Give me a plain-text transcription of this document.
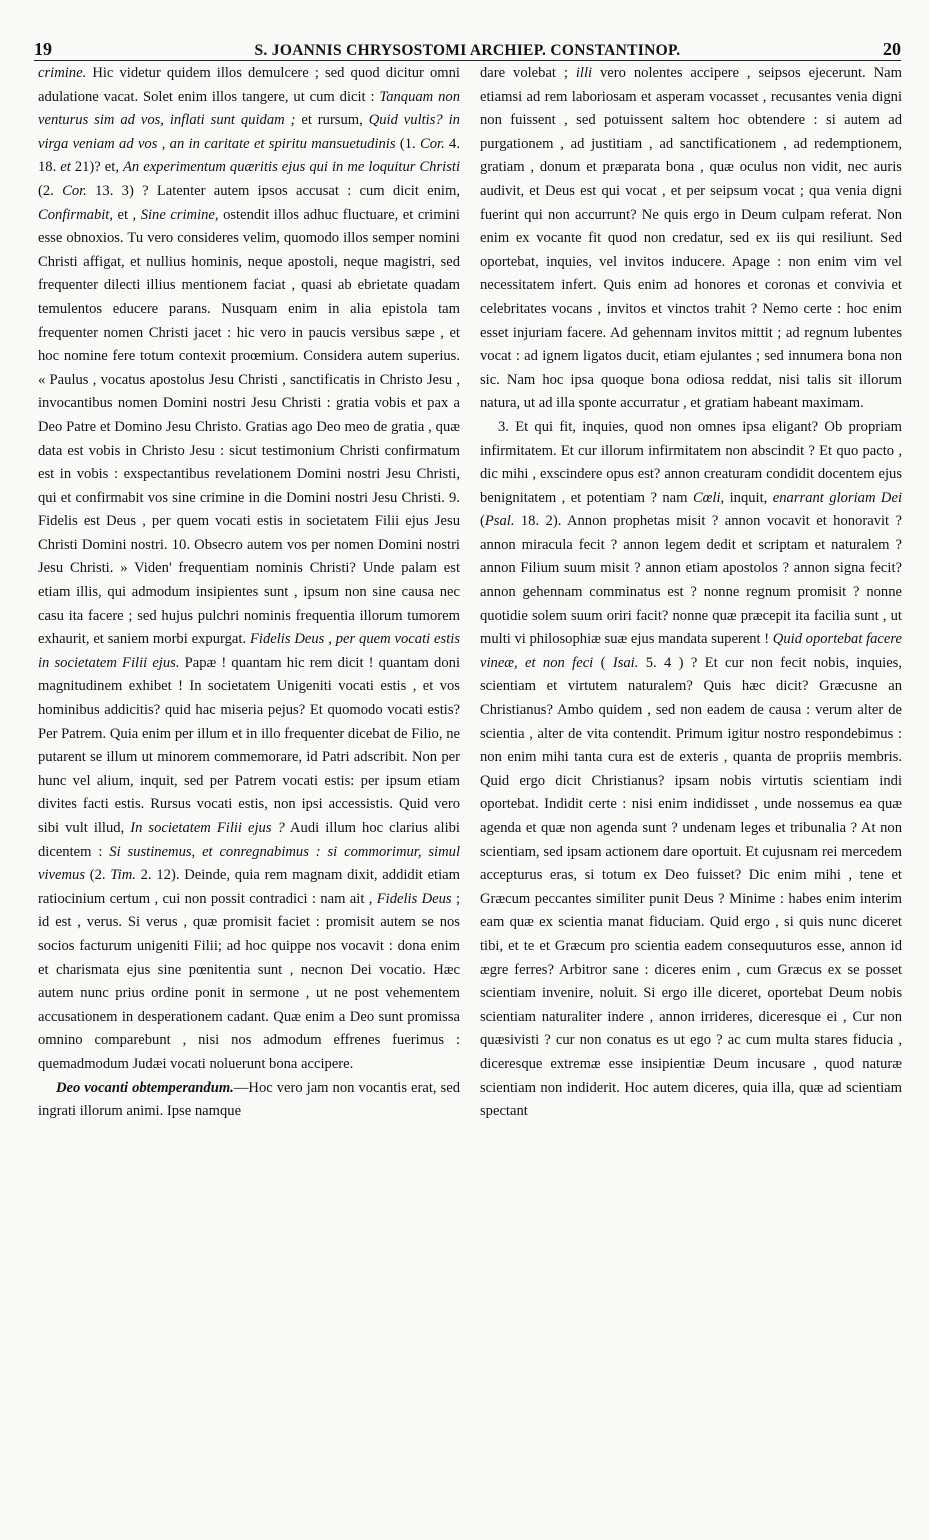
19	S. JOANNIS CHRYSOSTOMI ARCHIEP. CONSTANTINOP.	20

crimine. Hic videtur quidem illos demulcere ; sed quod dicitur omni adulatione vacat. Solet enim illos tangere, ut cum dicit : Tanquam non venturus sim ad vos, inflati sunt quidam ; et rursum, Quid vultis? in virga veniam ad vos , an in caritate et spiritu mansuetudinis (1. Cor. 4. 18. et 21)? et, An experimentum quæritis ejus qui in me loquitur Christi (2. Cor. 13. 3) ? Latenter autem ipsos accusat : cum dicit enim, Confirmabit, et , Sine crimine, ostendit illos adhuc fluctuare, et crimini esse obnoxios. Tu vero consideres velim, quomodo illos semper nomini Christi affigat, et nullius hominis, neque apostoli, neque magistri, sed frequenter dilecti illius mentionem faciat , quasi ab ebrietate quadam temulentos educere parans. Nusquam enim in alia epistola tam frequenter nomen Christi jacet : hic vero in paucis versibus sæpe , et hoc nomine fere totum contexit proœmium. Considera autem superius. « Paulus , vocatus apostolus Jesu Christi , sanctificatis in Christo Jesu , invocantibus nomen Domini nostri Jesu Christi : gratia vobis et pax a Deo Patre et Domino Jesu Christo. Gratias ago Deo meo de gratia , quæ data est vobis in Christo Jesu : sicut testimonium Christi confirmatum est in vobis : exspectantibus revelationem Domini nostri Jesu Christi, qui et confirmabit vos sine crimine in die Domini nostri Jesu Christi. 9. Fidelis est Deus , per quem vocati estis in societatem Filii ejus Jesu Christi Domini nostri. 10. Obsecro autem vos per nomen Domini nostri Jesu Christi. » Viden' frequentiam nominis Christi? Unde palam est etiam illis, qui admodum insipientes sunt , ipsum non sine causa nec casu ita facere ; sed hujus pulchri nominis frequentia illorum tumorem exhaurit, et saniem morbi expurgat. Fidelis Deus , per quem vocati estis in societatem Filii ejus. Papæ ! quantam hic rem dicit ! quantam doni magnitudinem exhibet ! In societatem Unigeniti vocati estis , et vos hominibus addicitis? quid hac miseria pejus? Et quomodo vocati estis? Per Patrem. Quia enim per illum et in illo frequenter dicebat de Filio, ne putarent se illum ut minorem commemorare, id Patri adscribit. Non per hunc vel alium, inquit, sed per Patrem vocati estis: per ipsum etiam divites facti estis. Rursus vocati estis, non ipsi accessistis. Quid vero sibi vult illud, In societatem Filii ejus ? Audi illum hoc clarius alibi dicentem : Si sustinemus, et conregnabimus : si commorimur, simul vivemus (2. Tim. 2. 12). Deinde, quia rem magnam dixit, addidit etiam ratiocinium certum , cui non possit contradici : nam ait , Fidelis Deus ; id est , verus. Si verus , quæ promisit faciet : promisit autem se nos socios facturum unigeniti Filii; ad hoc quippe nos vocavit : dona enim et charismata ejus sine pœnitentia sunt , necnon Dei vocatio. Hæc autem nunc prius ordine ponit in sermone , ut ne post vehementem accusationem in desperationem cadant. Quæ enim a Deo sunt promissa omnino comparebunt , nisi nos admodum effrenes fuerimus : quemadmodum Judæi vocati noluerunt bona accipere.

Deo vocanti obtemperandum.—Hoc vero jam non vocantis erat, sed ingrati illorum animi. Ipse namque

dare volebat ; illi vero nolentes accipere , seipsos ejecerunt. Nam etiamsi ad rem laboriosam et asperam vocasset , recusantes venia digni non fuissent , sed potuissent saltem hoc obtendere : si autem ad purgationem , ad justitiam , ad sanctificationem , ad redemptionem, gratiam , donum et præparata bona , quæ oculus non vidit, nec auris audivit, et Deus est qui vocat , et per seipsum vocat ; qua venia digni fuerint qui non accurrunt? Ne quis ergo in Deum culpam referat. Non enim ex vocante fit quod non credatur, sed ex iis qui resiliunt. Sed oportebat, inquies, vel invitos inducere. Apage : non enim vim vel necessitatem infert. Quis enim ad honores et coronas et convivia et celebritates vocans , invitos et vinctos trahit ? Nemo certe : hoc enim esset injuriam facere. Ad gehennam invitos mittit ; ad regnum lubentes vocat : ad ignem ligatos ducit, etiam ejulantes ; sed innumera bona non sic. Nam hoc ipsa quoque bona odiosa reddat, nisi talis sit illorum natura, ut ad illa sponte accurratur , et gratiam habeant maximam.

3. Et qui fit, inquies, quod non omnes ipsa eligant? Ob propriam infirmitatem. Et cur illorum infirmitatem non abscindit ? Et quo pacto , dic mihi , exscindere opus est? annon creaturam condidit docentem ejus benignitatem , et potentiam ? nam Cœli, inquit, enarrant gloriam Dei (Psal. 18. 2). Annon prophetas misit ? annon vocavit et honoravit ? annon miracula fecit ? annon legem dedit et scriptam et naturalem ? annon Filium suum misit ? annon etiam apostolos ? annon signa fecit? annon gehennam comminatus est ? nonne regnum promisit ? nonne quotidie solem suum oriri facit? nonne quæ præcepit ita facilia sunt , ut multi vi philosophiæ suæ ejus mandata superent ! Quid oportebat facere vineæ, et non feci ( Isai. 5. 4 ) ? Et cur non fecit nobis, inquies, scientiam et virtutem naturalem? Quis hæc dicit? Græcusne an Christianus? Ambo quidem , sed non eadem de causa : verum alter de scientia , alter de vita contendit. Primum igitur nostro respondebimus : non enim mihi tanta cura est de exteris , quanta de propriis membris. Quid ergo dicit Christianus? ipsam nobis virtutis scientiam indi oportebat. Indidit certe : nisi enim indidisset , unde nossemus ea quæ agenda et quæ non agenda sunt ? undenam leges et tribunalia ? At non scientiam, sed ipsam actionem dare oportuit. Et cujusnam rei mercedem accepturus eras, si totum ex Deo fuisset? Dic enim mihi , tene et Græcum peccantes similiter punit Deus ? Minime : habes enim interim eam quæ ex scientia manat fiduciam. Quid ergo , si quis nunc diceret tibi, et te et Græcum pro scientia eadem consequuturos esse, annon id ægre ferres? Arbitror sane : diceres enim , cum Græcus ex se posset scientiam invenire, noluit. Si ergo ille diceret, oportebat Deum nobis scientiam naturaliter indere , annon irrideres, diceresque ei , Cur non quæsivisti ? cur non conatus es ut ego ? ac cum multa stares fiducia , diceresque extremæ esse insipientiæ Deum incusare , quod naturæ scientiam non indiderit. Hoc autem diceres, quia illa, quæ ad scientiam spectant
